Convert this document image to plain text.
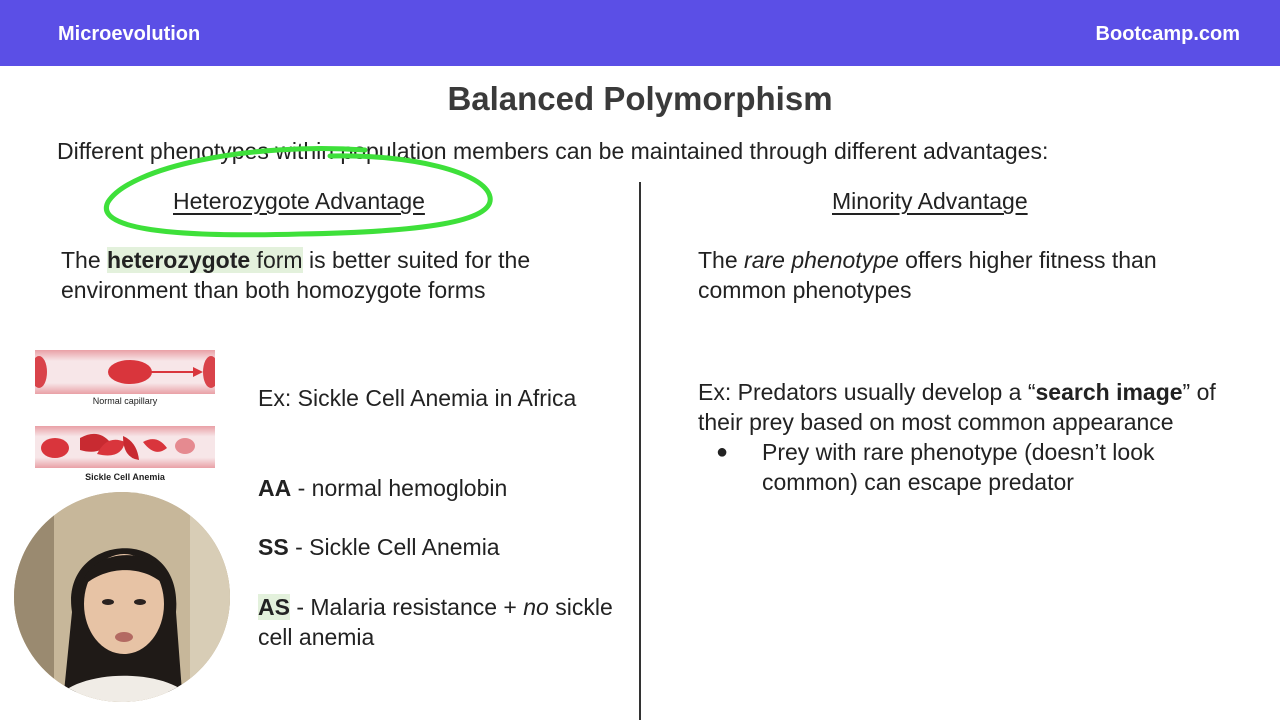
Microevolution	Bootcamp.com
Balanced Polymorphism
Different phenotypes within population members can be maintained through different advantages:
Heterozygote Advantage	Minority Advantage
The heterozygote form is better suited for the environment than both homozygote forms
Normal capillary
Sickle Cell Anemia
Ex: Sickle Cell Anemia in Africa
AA - normal hemoglobin
SS - Sickle Cell Anemia
AS - Malaria resistance + no sickle cell anemia
The rare phenotype offers higher fitness than common phenotypes
Ex: Predators usually develop a “search image” of their prey based on most common appearance
● Prey with rare phenotype (doesn’t look common) can escape predator
